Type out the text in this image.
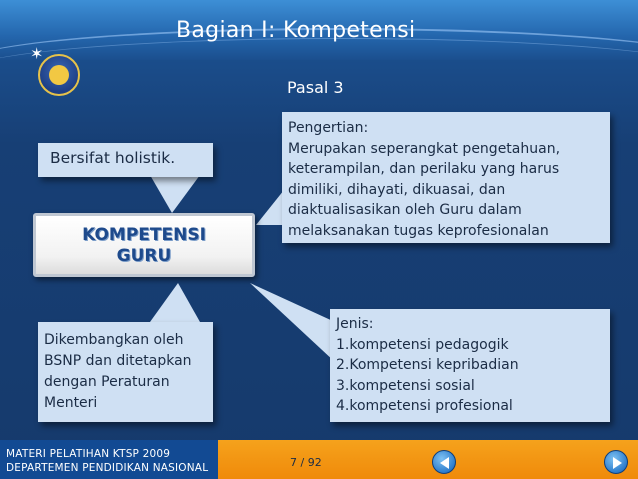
Bagian I: Kompetensi
✶
Pasal 3
Pengertian:
Merupakan seperangkat pengetahuan,
keterampilan, dan perilaku yang harus
dimiliki, dihayati, dikuasai, dan
diaktualisasikan oleh Guru dalam
melaksanakan tugas keprofesionalan
Bersifat holistik.
KOMPETENSI
GURU
Dikembangkan oleh
BSNP dan ditetapkan
dengan Peraturan
Menteri
Jenis:
1.kompetensi pedagogik
2.Kompetensi kepribadian
3.kompetensi sosial
4.kompetensi profesional
MATERI PELATIHAN KTSP 2009
DEPARTEMEN PENDIDIKAN NASIONAL	7 / 92
